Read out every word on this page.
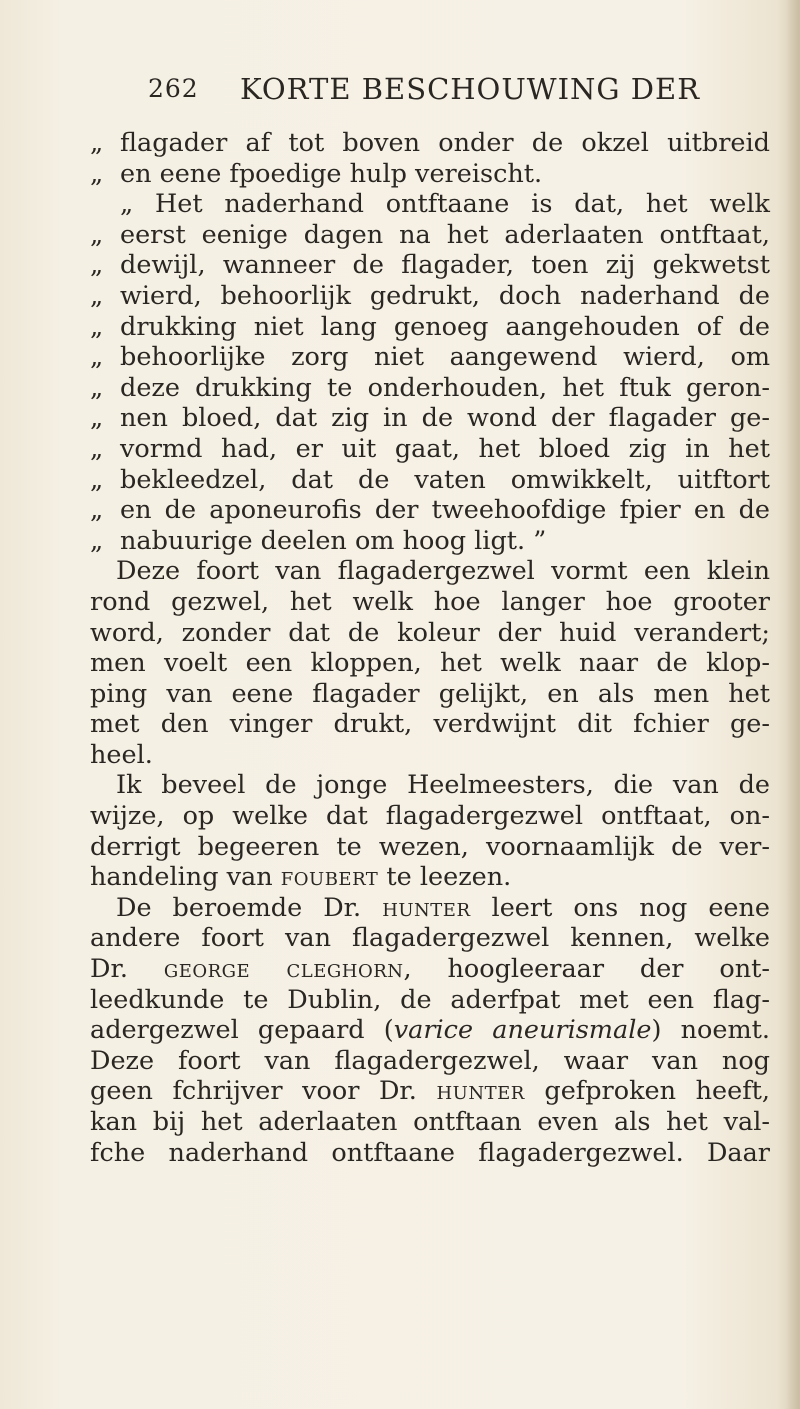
262 KORTE BESCHOUWING DER
„ flagader af tot boven onder de okzel uitbreid
„ en eene fpoedige hulp vereischt.
„ Het naderhand ontftaane is dat, het welk
„ eerst eenige dagen na het aderlaaten ontftaat,
„ dewijl, wanneer de flagader, toen zij gekwetst
„ wierd, behoorlijk gedrukt, doch naderhand de
„ drukking niet lang genoeg aangehouden of de
„ behoorlijke zorg niet aangewend wierd, om
„ deze drukking te onderhouden, het ftuk geron-
„ nen bloed, dat zig in de wond der flagader ge-
„ vormd had, er uit gaat, het bloed zig in het
„ bekleedzel, dat de vaten omwikkelt, uitftort
„ en de aponeurofis der tweehoofdige fpier en de
„ nabuurige deelen om hoog ligt. ”
Deze foort van flagadergezwel vormt een klein
rond gezwel, het welk hoe langer hoe grooter
word, zonder dat de koleur der huid verandert;
men voelt een kloppen, het welk naar de klop-
ping van eene flagader gelijkt, en als men het
met den vinger drukt, verdwijnt dit fchier ge-
heel.
Ik beveel de jonge Heelmeesters, die van de
wijze, op welke dat flagadergezwel ontftaat, on-
derrigt begeeren te wezen, voornaamlijk de ver-
handeling van foubert te leezen.
De beroemde Dr. hunter leert ons nog eene
andere foort van flagadergezwel kennen, welke
Dr. george cleghorn, hoogleeraar der ont-
leedkunde te Dublin, de aderfpat met een flag-
adergezwel gepaard (varice aneurismale) noemt.
Deze foort van flagadergezwel, waar van nog
geen fchrijver voor Dr. hunter gefproken heeft,
kan bij het aderlaaten ontftaan even als het val-
fche naderhand ontftaane flagadergezwel. Daar
